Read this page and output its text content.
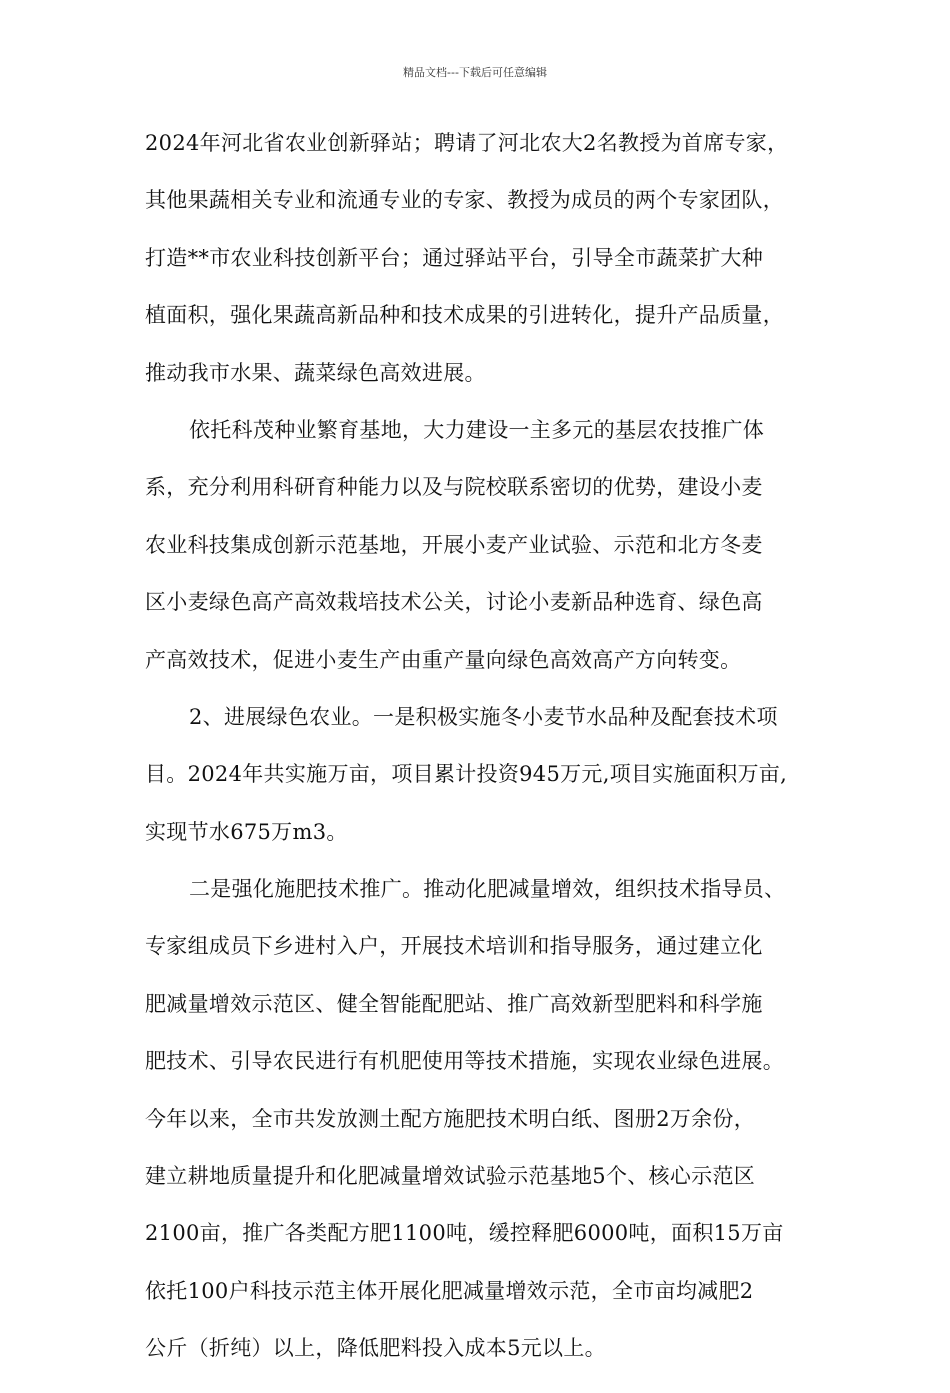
精品文档---下载后可任意编辑
2024年河北省农业创新驿站；聘请了河北农大2名教授为首席专家，
其他果蔬相关专业和流通专业的专家、教授为成员的两个专家团队，
打造**市农业科技创新平台；通过驿站平台，引导全市蔬菜扩大种
植面积，强化果蔬高新品种和技术成果的引进转化，提升产品质量，
推动我市水果、蔬菜绿色高效进展。
依托科茂种业繁育基地，大力建设一主多元的基层农技推广体
系，充分利用科研育种能力以及与院校联系密切的优势，建设小麦
农业科技集成创新示范基地，开展小麦产业试验、示范和北方冬麦
区小麦绿色高产高效栽培技术公关，讨论小麦新品种选育、绿色高
产高效技术，促进小麦生产由重产量向绿色高效高产方向转变。
2、进展绿色农业。一是积极实施冬小麦节水品种及配套技术项
目。2024年共实施万亩，项目累计投资945万元,项目实施面积万亩,
实现节水675万m3。
二是强化施肥技术推广。推动化肥减量增效，组织技术指导员、
专家组成员下乡进村入户，开展技术培训和指导服务，通过建立化
肥减量增效示范区、健全智能配肥站、推广高效新型肥料和科学施
肥技术、引导农民进行有机肥使用等技术措施，实现农业绿色进展。
今年以来，全市共发放测土配方施肥技术明白纸、图册2万余份，
建立耕地质量提升和化肥减量增效试验示范基地5个、核心示范区
2100亩，推广各类配方肥1100吨，缓控释肥6000吨，面积15万亩
依托100户科技示范主体开展化肥减量增效示范，全市亩均减肥2
公斤（折纯）以上，降低肥料投入成本5元以上。
